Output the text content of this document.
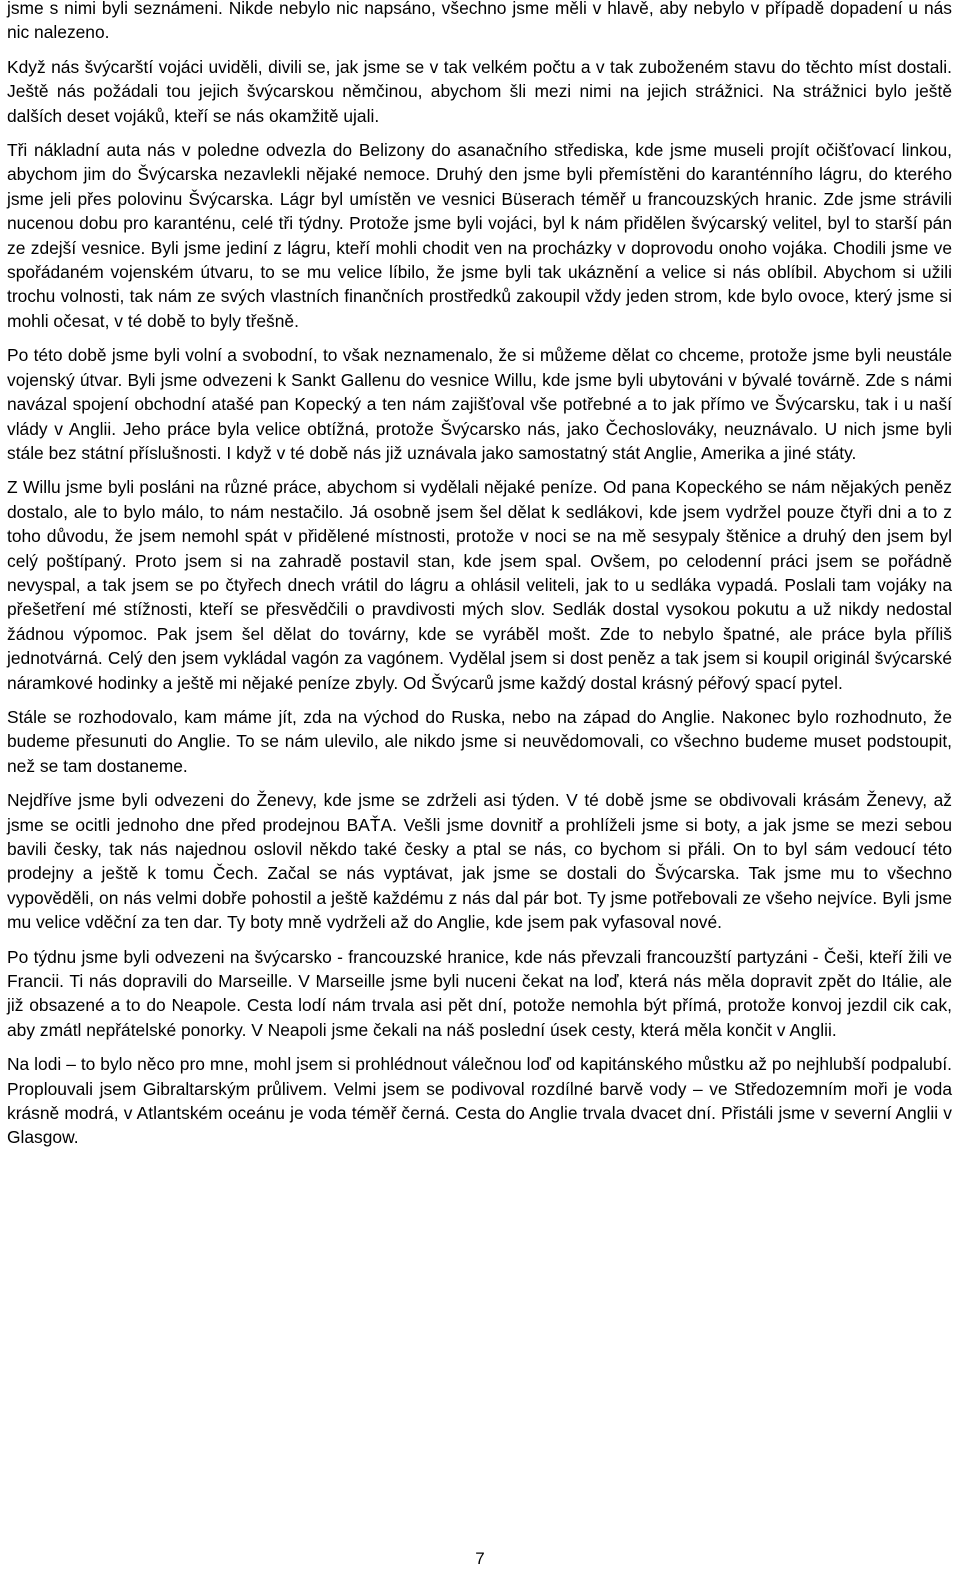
jsme s nimi byli seznámeni. Nikde nebylo nic napsáno, všechno jsme měli v hlavě, aby nebylo v případě dopadení u nás nic nalezeno.

Když nás švýcarští vojáci uviděli, divili se, jak jsme se v tak velkém počtu a v tak zuboženém stavu do těchto míst dostali. Ještě nás požádali tou jejich švýcarskou němčinou, abychom šli mezi nimi na jejich strážnici. Na strážnici bylo ještě dalších deset vojáků, kteří se nás okamžitě ujali.

Tři nákladní auta nás v poledne odvezla do Belizony do asanačního střediska, kde jsme museli projít očišťovací linkou, abychom jim do Švýcarska nezavlekli nějaké nemoce. Druhý den jsme byli přemístěni do karanténního lágru, do kterého jsme jeli přes polovinu Švýcarska. Lágr byl umístěn ve vesnici Büserach téměř u francouzských hranic. Zde jsme strávili nucenou dobu pro karanténu, celé tři týdny. Protože jsme byli vojáci, byl k nám přidělen švýcarský velitel, byl to starší pán ze zdejší vesnice. Byli jsme jediní z lágru, kteří mohli chodit ven na procházky v doprovodu onoho vojáka. Chodili jsme ve spořádaném vojenském útvaru, to se mu velice líbilo, že jsme byli tak ukáznění a velice si nás oblíbil. Abychom si užili trochu volnosti, tak nám ze svých vlastních finančních prostředků zakoupil vždy jeden strom, kde bylo ovoce, který jsme si mohli očesat, v té době to byly třešně.

Po této době jsme byli volní a svobodní, to však neznamenalo, že si můžeme dělat co chceme, protože jsme byli neustále vojenský útvar. Byli jsme odvezeni k Sankt Gallenu do vesnice Willu, kde jsme byli ubytováni v bývalé továrně. Zde s námi navázal spojení obchodní atašé pan Kopecký a ten nám zajišťoval vše potřebné a to jak přímo ve Švýcarsku, tak i u naší vlády v Anglii. Jeho práce byla velice obtížná, protože Švýcarsko nás, jako Čechoslováky, neuznávalo. U nich jsme byli stále bez státní příslušnosti. I když v té době nás již uznávala jako samostatný stát Anglie, Amerika a jiné státy.

Z Willu jsme byli posláni na různé práce, abychom si vydělali nějaké peníze. Od pana Kopeckého se nám nějakých peněz dostalo, ale to bylo málo, to nám nestačilo. Já osobně jsem šel dělat k sedlákovi, kde jsem vydržel pouze čtyři dni a to z toho důvodu, že jsem nemohl spát v přidělené místnosti, protože v noci se na mě sesypaly štěnice a druhý den jsem byl celý poštípaný. Proto jsem si na zahradě postavil stan, kde jsem spal. Ovšem, po celodenní práci jsem se pořádně nevyspal, a tak jsem se po čtyřech dnech vrátil do lágru a ohlásil veliteli, jak to u sedláka vypadá. Poslali tam vojáky na přešetření mé stížnosti, kteří se přesvědčili o pravdivosti mých slov. Sedlák dostal vysokou pokutu a už nikdy nedostal žádnou výpomoc. Pak jsem šel dělat do továrny, kde se vyráběl mošt. Zde to nebylo špatné, ale práce byla příliš jednotvárná. Celý den jsem vykládal vagón za vagónem. Vydělal jsem si dost peněz a tak jsem si koupil originál švýcarské náramkové hodinky a ještě mi nějaké peníze zbyly. Od Švýcarů jsme každý dostal krásný péřový spací pytel.

Stále se rozhodovalo, kam máme jít, zda na východ do Ruska, nebo na západ do Anglie. Nakonec bylo rozhodnuto, že budeme přesunuti do Anglie. To se nám ulevilo, ale nikdo jsme si neuvědomovali, co všechno budeme muset podstoupit, než se tam dostaneme.

Nejdříve jsme byli odvezeni do Ženevy, kde jsme se zdrželi asi týden. V té době jsme se obdivovali krásám Ženevy, až jsme se ocitli jednoho dne před prodejnou BAŤA. Vešli jsme dovnitř a prohlíželi jsme si boty, a jak jsme se mezi sebou bavili česky, tak nás najednou oslovil někdo také česky a ptal se nás, co bychom si přáli. On to byl sám vedoucí této prodejny a ještě k tomu Čech. Začal se nás vyptávat, jak jsme se dostali do Švýcarska. Tak jsme mu to všechno vypověděli, on nás velmi dobře pohostil a ještě každému z nás dal pár bot. Ty jsme potřebovali ze všeho nejvíce. Byli jsme mu velice vděční za ten dar. Ty boty mně vydrželi až do Anglie, kde jsem pak vyfasoval nové.

Po týdnu jsme byli odvezeni na švýcarsko - francouzské hranice, kde nás převzali francouzští partyzáni - Češi, kteří žili ve Francii. Ti nás dopravili do Marseille. V Marseille jsme byli nuceni čekat na loď, která nás měla dopravit zpět do Itálie, ale již obsazené a to do Neapole. Cesta lodí nám trvala asi pět dní, potože nemohla být přímá, protože konvoj jezdil cik cak, aby zmátl nepřátelské ponorky. V Neapoli jsme čekali na náš poslední úsek cesty, která měla končit v Anglii.

Na lodi – to bylo něco pro mne, mohl jsem si prohlédnout válečnou loď od kapitánského můstku až po nejhlubší podpalubí. Proplouvali jsem Gibraltarským průlivem. Velmi jsem se podivoval rozdílné barvě vody – ve Středozemním moři je voda krásně modrá, v Atlantském oceánu je voda téměř černá. Cesta do Anglie trvala dvacet dní. Přistáli jsme v severní Anglii v Glasgow.

7
